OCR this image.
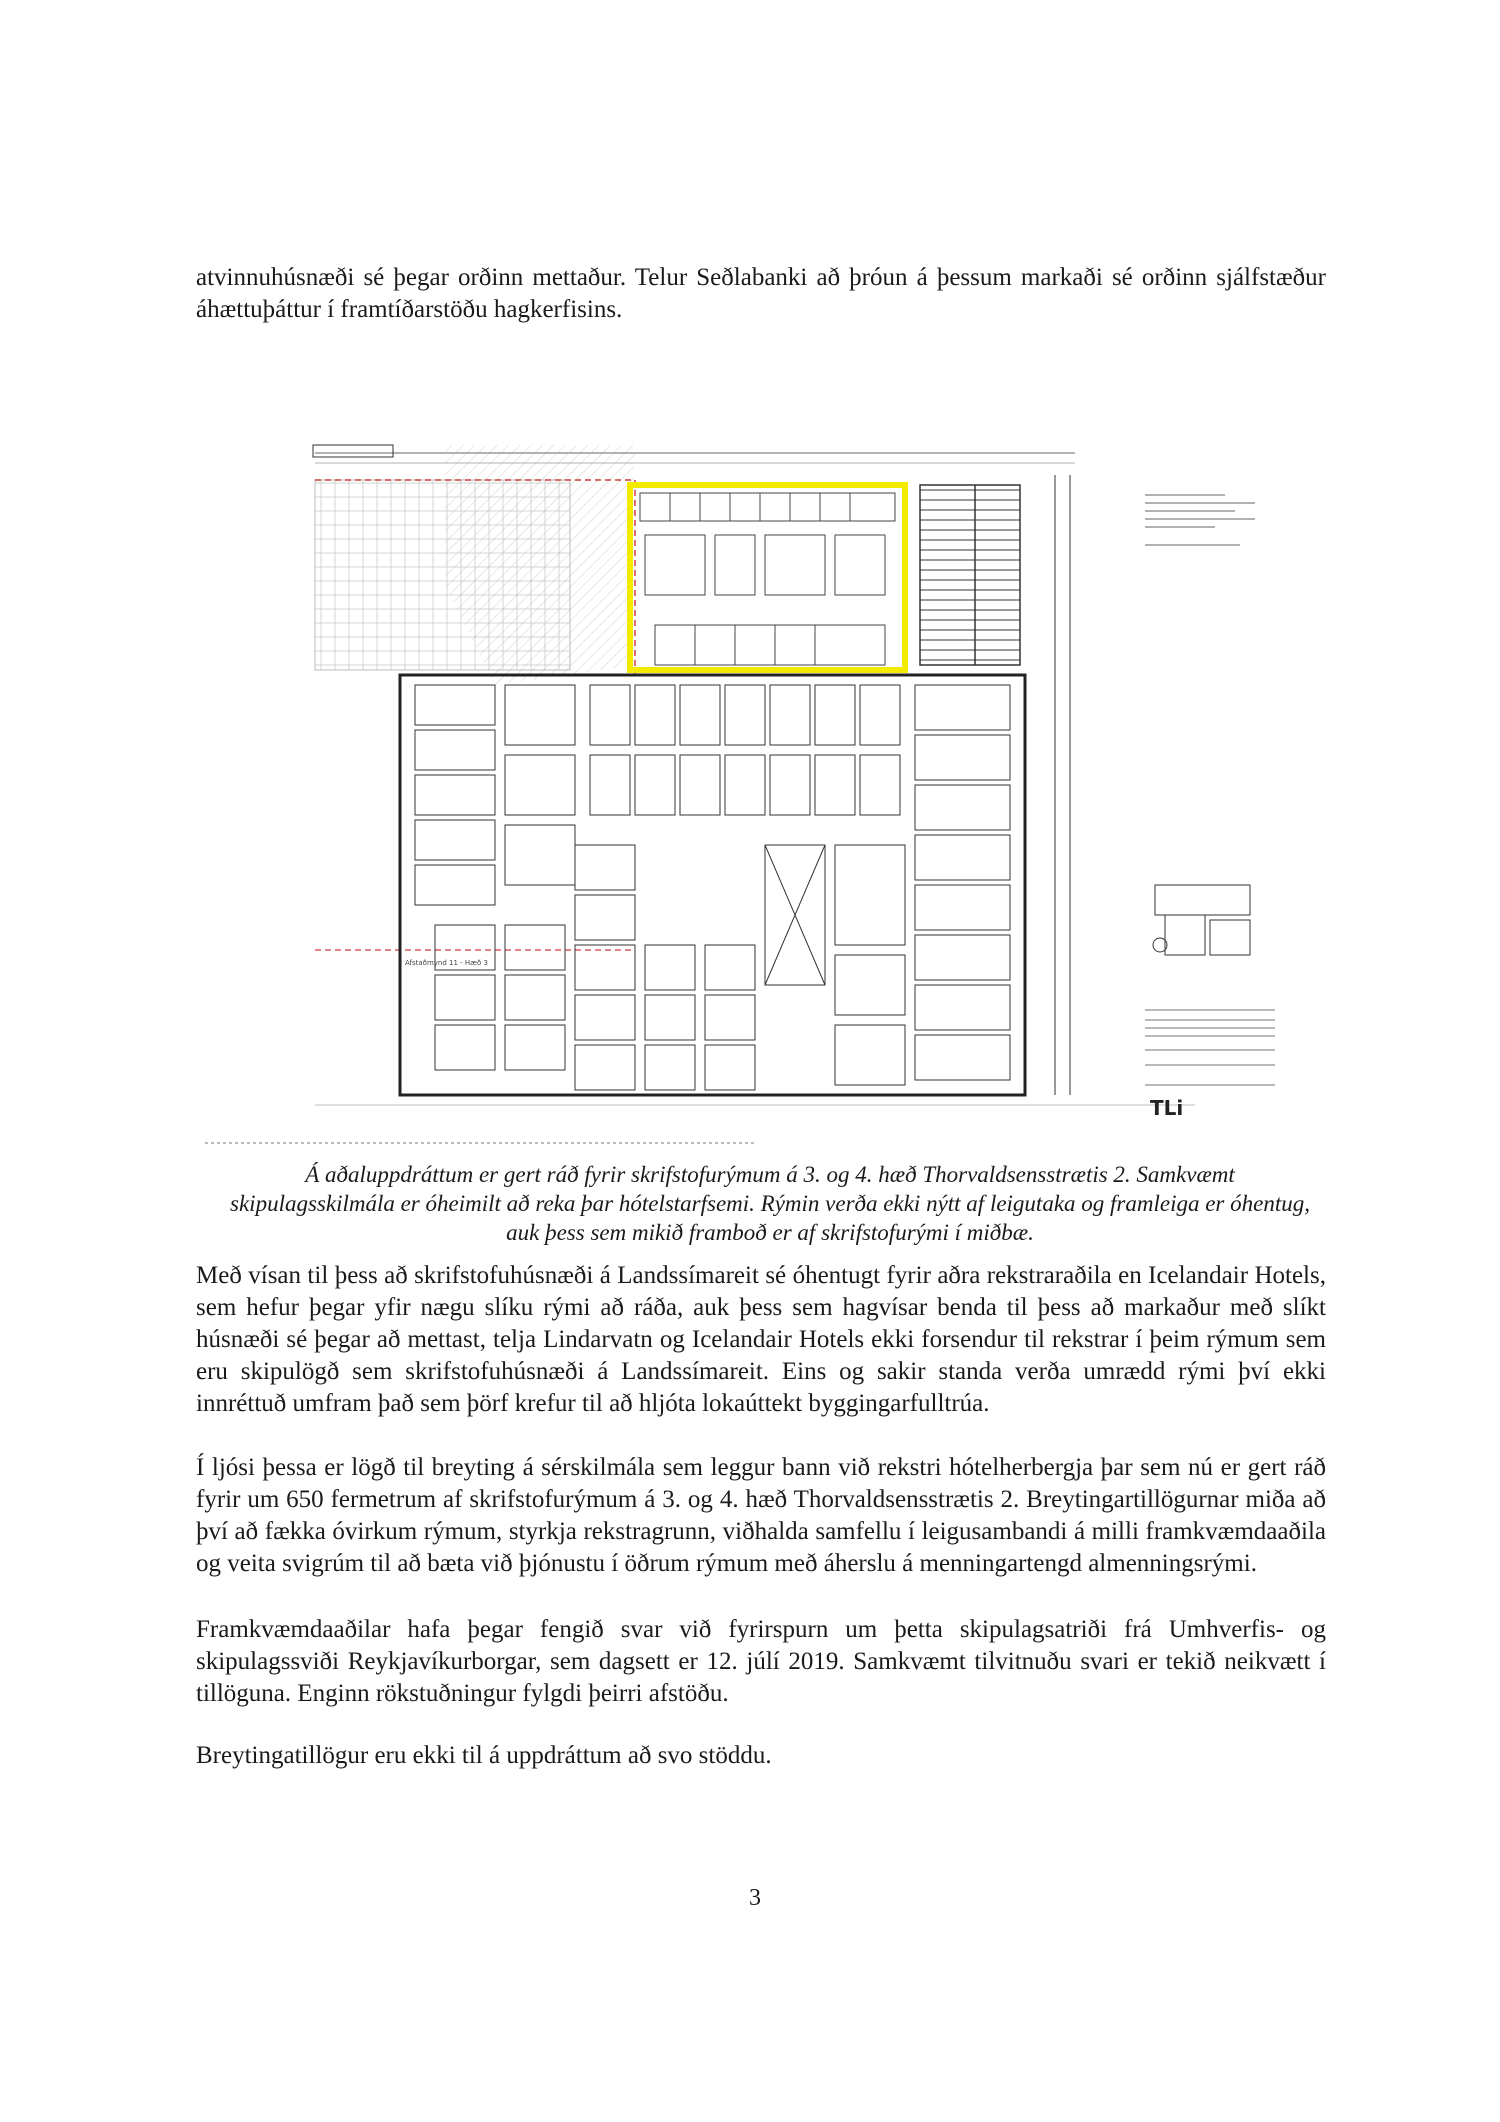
atvinnuhúsnæði sé þegar orðinn mettaður. Telur Seðlabanki að þróun á þessum markaði sé orðinn sjálfstæður áhættuþáttur í framtíðarstöðu hagkerfisins.

Afstaðmynd 11 - Hæð 3
TLi

Á aðaluppdráttum er gert ráð fyrir skrifstofurýmum á 3. og 4. hæð Thorvaldsensstrætis 2. Samkvæmt skipulagsskilmála er óheimilt að reka þar hótelstarfsemi. Rýmin verða ekki nýtt af leigutaka og framleiga er óhentug, auk þess sem mikið framboð er af skrifstofurými í miðbæ.

Með vísan til þess að skrifstofuhúsnæði á Landssímareit sé óhentugt fyrir aðra rekstraraðila en Icelandair Hotels, sem hefur þegar yfir nægu slíku rými að ráða, auk þess sem hagvísar benda til þess að markaður með slíkt húsnæði sé þegar að mettast, telja Lindarvatn og Icelandair Hotels ekki forsendur til rekstrar í þeim rýmum sem eru skipulögð sem skrifstofuhúsnæði á Landssímareit. Eins og sakir standa verða umrædd rými því ekki innréttuð umfram það sem þörf krefur til að hljóta lokaúttekt byggingarfulltrúa.

Í ljósi þessa er lögð til breyting á sérskilmála sem leggur bann við rekstri hótelherbergja þar sem nú er gert ráð fyrir um 650 fermetrum af skrifstofurýmum á 3. og 4. hæð Thorvaldsensstrætis 2. Breytingartillögurnar miða að því að fækka óvirkum rýmum, styrkja rekstragrunn, viðhalda samfellu í leigusambandi á milli framkvæmdaaðila og veita svigrúm til að bæta við þjónustu í öðrum rýmum með áherslu á menningartengd almenningsrými.

Framkvæmdaaðilar hafa þegar fengið svar við fyrirspurn um þetta skipulagsatriði frá Umhverfis- og skipulagssviði Reykjavíkurborgar, sem dagsett er 12. júlí 2019. Samkvæmt tilvitnuðu svari er tekið neikvætt í tillöguna. Enginn rökstuðningur fylgdi þeirri afstöðu.

Breytingatillögur eru ekki til á uppdráttum að svo stöddu.

3
